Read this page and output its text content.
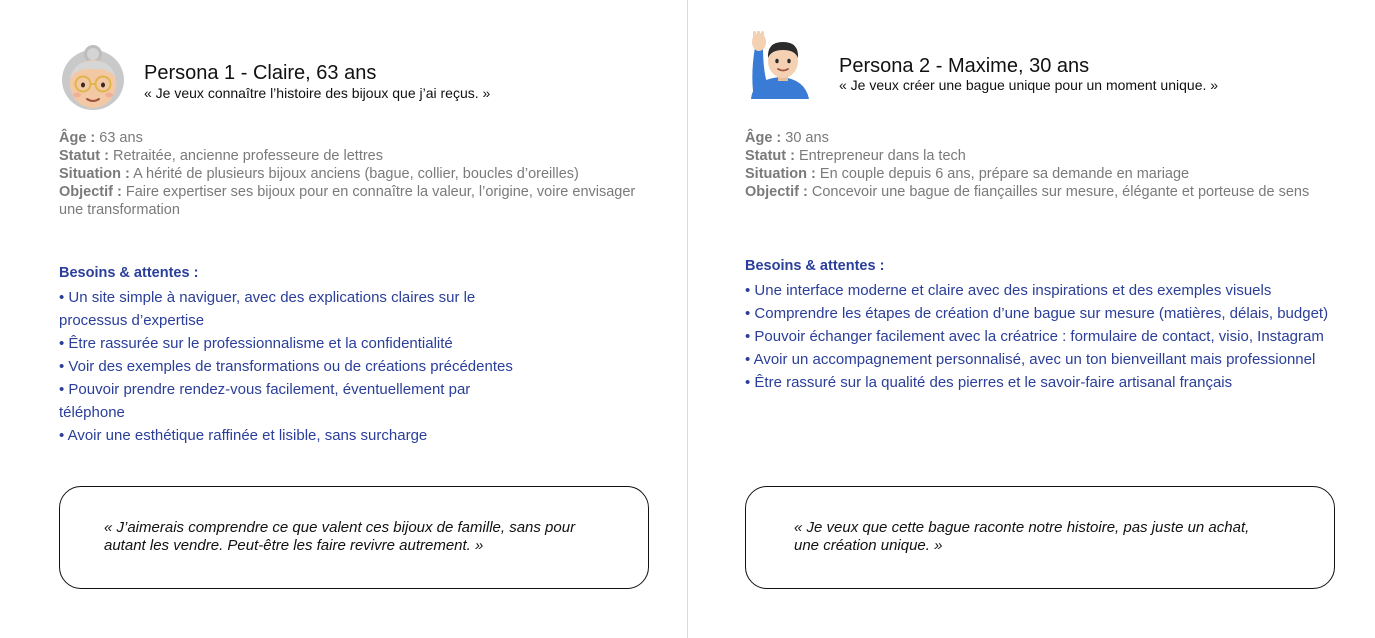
Persona 1 - Claire, 63 ans
« Je veux connaître l’histoire des bijoux que j’ai reçus. »

Âge : 63 ans

Statut : Retraitée, ancienne professeure de lettres

Situation : A hérité de plusieurs bijoux anciens (bague, collier, boucles d’oreilles)

Objectif : Faire expertiser ses bijoux pour en connaître la valeur, l’origine, voire envisager une transformation

Besoins & attentes :
• Un site simple à naviguer, avec des explications claires sur le processus d’expertise
• Être rassurée sur le professionnalisme et la confidentialité
• Voir des exemples de transformations ou de créations précédentes
• Pouvoir prendre rendez-vous facilement, éventuellement par téléphone
• Avoir une esthétique raffinée et lisible, sans surcharge

« J’aimerais comprendre ce que valent ces bijoux de famille, sans pour autant les vendre. Peut-être les faire revivre autrement. »

Persona 2 - Maxime, 30 ans
« Je veux créer une bague unique pour un moment unique. »

Âge : 30 ans

Statut : Entrepreneur dans la tech

Situation : En couple depuis 6 ans, prépare sa demande en mariage

Objectif : Concevoir une bague de fiançailles sur mesure, élégante et porteuse de sens

Besoins & attentes :
• Une interface moderne et claire avec des inspirations et des exemples visuels
• Comprendre les étapes de création d’une bague sur mesure (matières, délais, budget)
• Pouvoir échanger facilement avec la créatrice : formulaire de contact, visio, Instagram
• Avoir un accompagnement personnalisé, avec un ton bienveillant mais professionnel
• Être rassuré sur la qualité des pierres et le savoir-faire artisanal français

« Je veux que cette bague raconte notre histoire, pas juste un achat, une création unique. »
